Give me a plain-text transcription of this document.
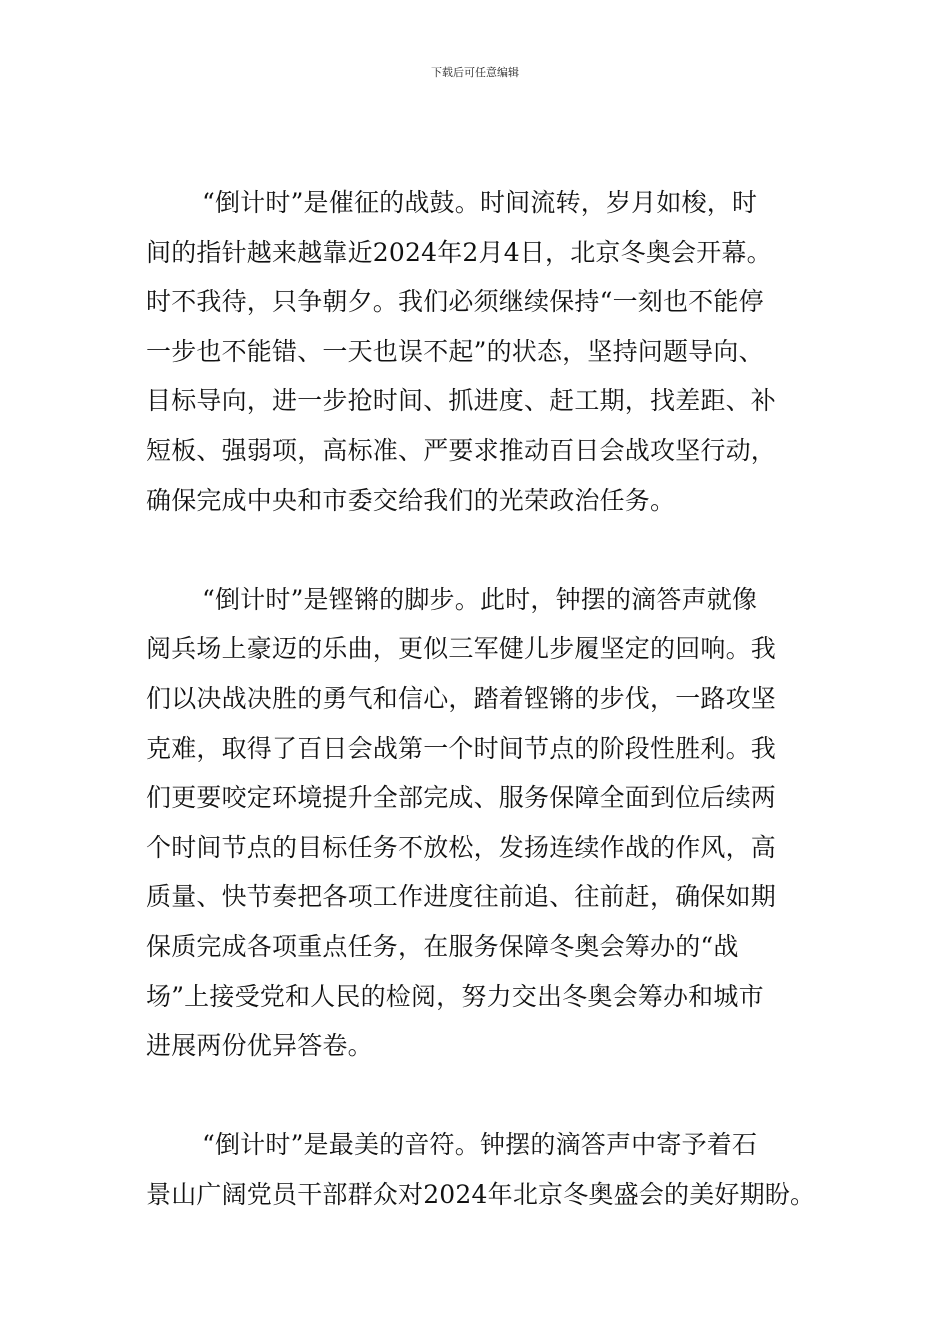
下载后可任意编辑
“倒计时”是催征的战鼓。时间流转，岁月如梭，时
间的指针越来越靠近2024年2月4日，北京冬奥会开幕。
时不我待，只争朝夕。我们必须继续保持“一刻也不能停
一步也不能错、一天也误不起”的状态，坚持问题导向、
目标导向，进一步抢时间、抓进度、赶工期，找差距、补
短板、强弱项，高标准、严要求推动百日会战攻坚行动，
确保完成中央和市委交给我们的光荣政治任务。
“倒计时”是铿锵的脚步。此时，钟摆的滴答声就像
阅兵场上豪迈的乐曲，更似三军健儿步履坚定的回响。我
们以决战决胜的勇气和信心，踏着铿锵的步伐，一路攻坚
克难，取得了百日会战第一个时间节点的阶段性胜利。我
们更要咬定环境提升全部完成、服务保障全面到位后续两
个时间节点的目标任务不放松，发扬连续作战的作风，高
质量、快节奏把各项工作进度往前追、往前赶，确保如期
保质完成各项重点任务，在服务保障冬奥会筹办的“战
场”上接受党和人民的检阅，努力交出冬奥会筹办和城市
进展两份优异答卷。
“倒计时”是最美的音符。钟摆的滴答声中寄予着石
景山广阔党员干部群众对2024年北京冬奥盛会的美好期盼。
